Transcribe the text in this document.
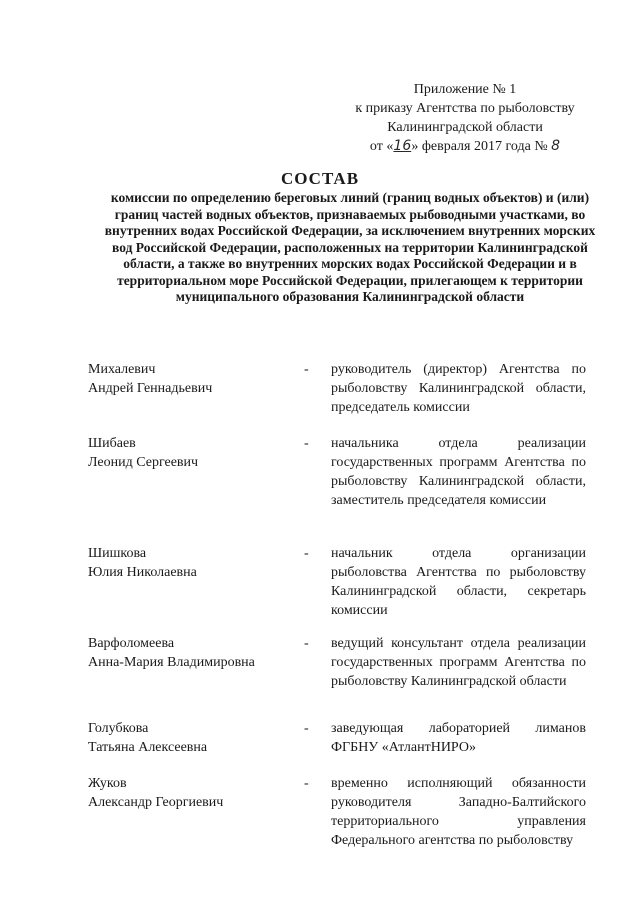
Приложение № 1
к приказу Агентства по рыболовству
Калининградской области
от «16» февраля 2017 года № 8
СОСТАВ
комиссии по определению береговых линий (границ водных объектов) и (или) границ частей водных объектов, признаваемых рыбоводными участками, во внутренних водах Российской Федерации, за исключением внутренних морских вод Российской Федерации, расположенных на территории Калининградской области, а также во внутренних морских водах Российской Федерации и в территориальном море Российской Федерации, прилегающем к территории муниципального образования Калининградской области
Михалевич
Андрей Геннадьевич
-	руководитель (директор) Агентства по рыболовству Калининградской области, председатель комиссии
Шибаев
Леонид Сергеевич
-	начальника отдела реализации государственных программ Агентства по рыболовству Калининградской области, заместитель председателя комиссии
Шишкова
Юлия Николаевна
-	начальник отдела организации рыболовства Агентства по рыболовству Калининградской области, секретарь комиссии
Варфоломеева
Анна-Мария Владимировна
-	ведущий консультант отдела реализации государственных программ Агентства по рыболовству Калининградской области
Голубкова
Татьяна Алексеевна
-	заведующая лабораторией лиманов ФГБНУ «АтлантНИРО»
Жуков
Александр Георгиевич
-	временно исполняющий обязанности руководителя Западно-Балтийского территориального управления Федерального агентства по рыболовству
